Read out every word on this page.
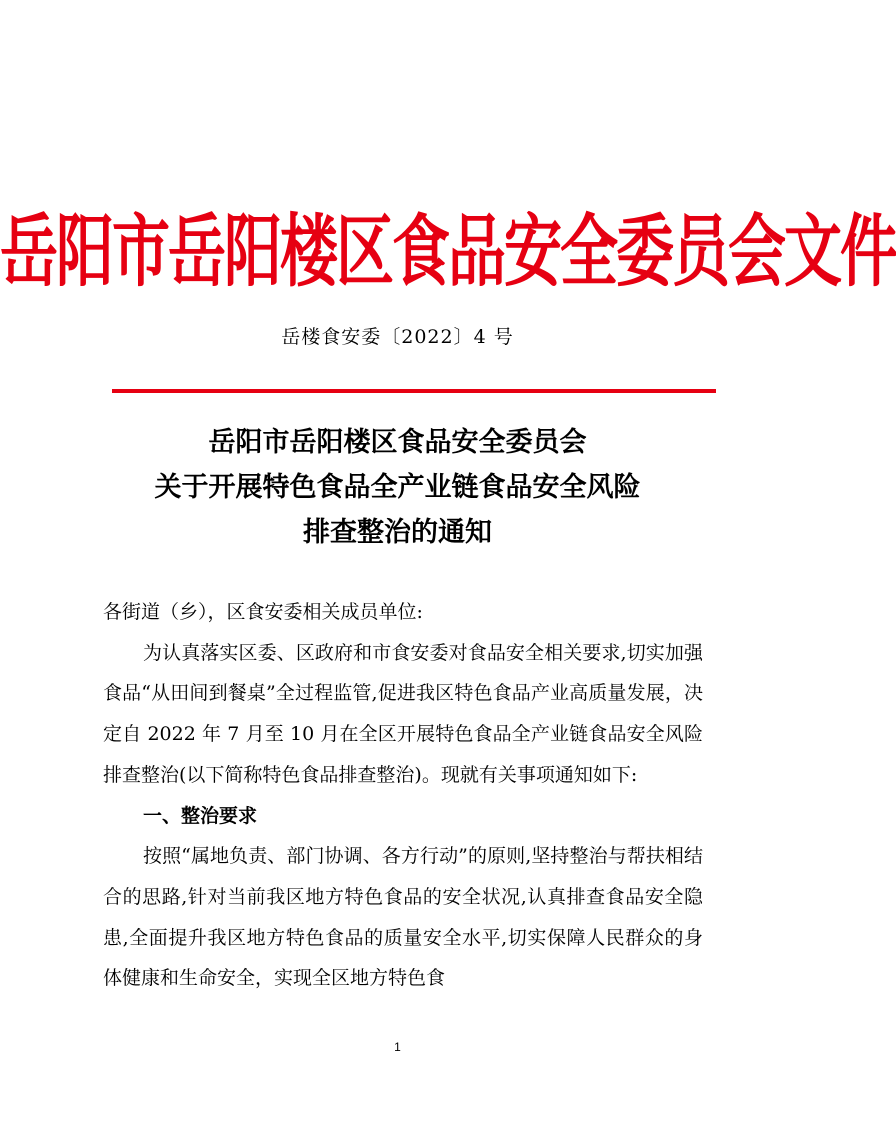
岳阳市岳阳楼区食品安全委员会文件
岳楼食安委〔2022〕4 号
岳阳市岳阳楼区食品安全委员会
关于开展特色食品全产业链食品安全风险
排查整治的通知

各街道（乡），区食安委相关成员单位:

为认真落实区委、区政府和市食安委对食品安全相关要求,切实加强食品“从田间到餐桌”全过程监管,促进我区特色食品产业高质量发展，决定自 2022 年 7 月至 10 月在全区开展特色食品全产业链食品安全风险排查整治(以下简称特色食品排查整治)。现就有关事项通知如下:

一、整治要求

按照“属地负责、部门协调、各方行动”的原则,坚持整治与帮扶相结合的思路,针对当前我区地方特色食品的安全状况,认真排查食品安全隐患,全面提升我区地方特色食品的质量安全水平,切实保障人民群众的身体健康和生命安全，实现全区地方特色食

1
